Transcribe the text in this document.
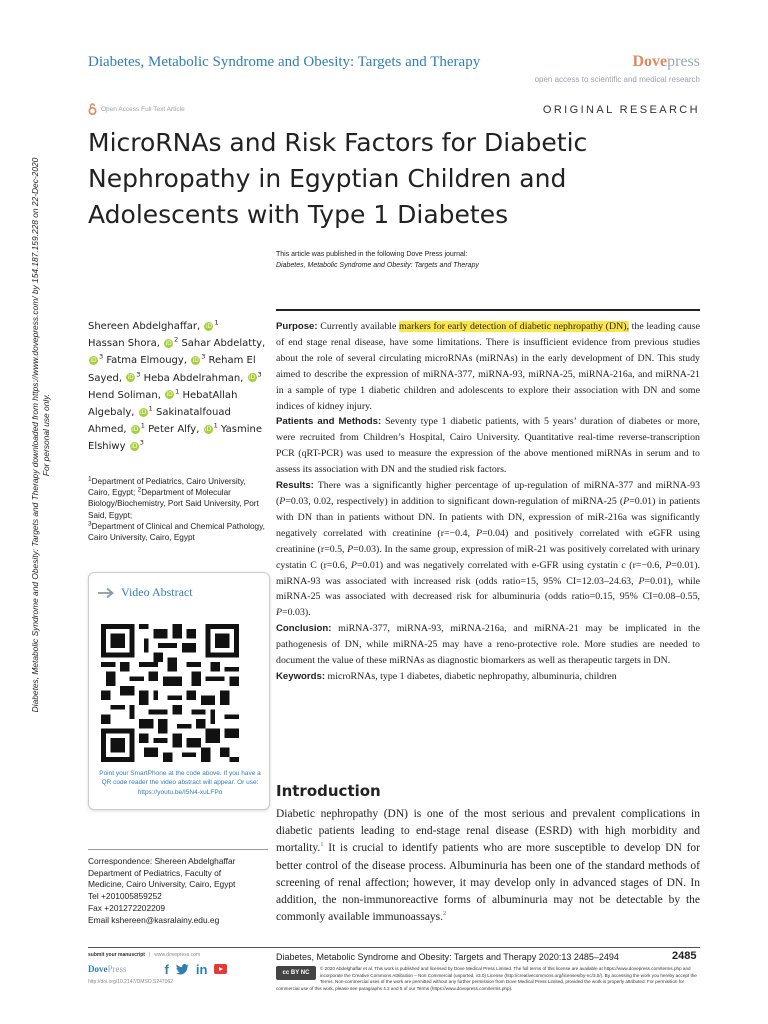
Diabetes, Metabolic Syndrome and Obesity: Targets and Therapy	Dovepress
open access to scientific and medical research
Open Access Full Text Article	ORIGINAL RESEARCH
MicroRNAs and Risk Factors for Diabetic Nephropathy in Egyptian Children and Adolescents with Type 1 Diabetes
This article was published in the following Dove Press journal:
Diabetes, Metabolic Syndrome and Obesity: Targets and Therapy
Shereen Abdelghaffar, iD $^1$
Hassan Shora, iD $^2$ Sahar Abdelatty, iD $^3$ Fatma Elmougy, iD $^3$ Reham El Sayed, iD $^3$ Heba Abdelrahman, iD $^3$ Hend Soliman, iD $^1$ HebatAllah Algebaly, iD $^1$ Sakinatalfouad Ahmed, iD $^1$ Peter Alfy, iD $^1$ Yasmine Elshiwy iD $^3$

$^1$Department of Pediatrics, Cairo University, Cairo, Egypt; $^2$Department of Molecular Biology/Biochemistry, Port Said University, Port Said, Egypt;

$^3$Department of Clinical and Chemical Pathology, Cairo University, Cairo, Egypt

Video Abstract
Point your SmartPhone at the code above. If you have a QR code reader the video abstract will appear. Or use:
https://youtu.be/I5N4-xuLFPo

Correspondence: Shereen Abdelghaffar

Department of Pediatrics, Faculty of

Medicine, Cairo University, Cairo, Egypt

Tel +201005859252

Fax +201272202209

Email kshereen@kasralainy.edu.eg

Purpose: Currently available markers for early detection of diabetic nephropathy (DN), the leading cause of end stage renal disease, have some limitations. There is insufficient evidence from previous studies about the role of several circulating microRNAs (miRNAs) in the early development of DN. This study aimed to describe the expression of miRNA-377, miRNA-93, miRNA-25, miRNA-216a, and miRNA-21 in a sample of type 1 diabetic children and adolescents to explore their association with DN and some indices of kidney injury.

Patients and Methods: Seventy type 1 diabetic patients, with 5 years’ duration of diabetes or more, were recruited from Children’s Hospital, Cairo University. Quantitative real-time reverse-transcription PCR (qRT-PCR) was used to measure the expression of the above mentioned miRNAs in serum and to assess its association with DN and the studied risk factors.

Results: There was a significantly higher percentage of up-regulation of miRNA-377 and miRNA-93 (P=0.03, 0.02, respectively) in addition to significant down-regulation of miRNA-25 (P=0.01) in patients with DN than in patients without DN. In patients with DN, expression of miR-216a was significantly negatively correlated with creatinine (r=−0.4, P=0.04) and positively correlated with eGFR using creatinine (r=0.5, P=0.03). In the same group, expression of miR-21 was positively correlated with urinary cystatin C (r=0.6, P=0.01) and was negatively correlated with e-GFR using cystatin c (r=−0.6, P=0.01). miRNA-93 was associated with increased risk (odds ratio=15, 95% CI=12.03–24.63, P=0.01), while miRNA-25 was associated with decreased risk for albuminuria (odds ratio=0.15, 95% CI=0.08–0.55, P=0.03).

Conclusion: miRNA-377, miRNA-93, miRNA-216a, and miRNA-21 may be implicated in the pathogenesis of DN, while miRNA-25 may have a reno-protective role. More studies are needed to document the value of these miRNAs as diagnostic biomarkers as well as therapeutic targets in DN.

Keywords: microRNAs, type 1 diabetes, diabetic nephropathy, albuminuria, children

Introduction
Diabetic nephropathy (DN) is one of the most serious and prevalent complications in diabetic patients leading to end-stage renal disease (ESRD) with high morbidity and mortality.$^1$ It is crucial to identify patients who are more susceptible to develop DN for better control of the disease process. Albuminuria has been one of the standard methods of screening of renal affection; however, it may develop only in advanced stages of DN. In addition, the non-immunoreactive forms of albuminuria may not be detectable by the commonly available immunoassays.$^2$
Diabetes, Metabolic Syndrome and Obesity: Targets and Therapy downloaded from https://www.dovepress.com/ by 154.187.159.228 on 22-Dec-2020 For personal use only.
submit your manuscript | www.dovepress.com
DovePress	f in
http://doi.org/10.2147/DMSO.S247062
Diabetes, Metabolic Syndrome and Obesity: Targets and Therapy 2020:13 2485–2494	2485
cc BY NC
© 2020 Abdelghaffar et al. This work is published and licensed by Dove Medical Press Limited. The full terms of this license are available at https://www.dovepress.com/terms.php and incorporate the Creative Commons Attribution – Non Commercial (unported, v3.0) License (http://creativecommons.org/licenses/by-nc/3.0/). By accessing the work you hereby accept the Terms. Non-commercial uses of the work are permitted without any further permission from Dove Medical Press Limited, provided the work is properly attributed. For permission for commercial use of this work, please see paragraphs 4.2 and 5 of our Terms (https://www.dovepress.com/terms.php).
